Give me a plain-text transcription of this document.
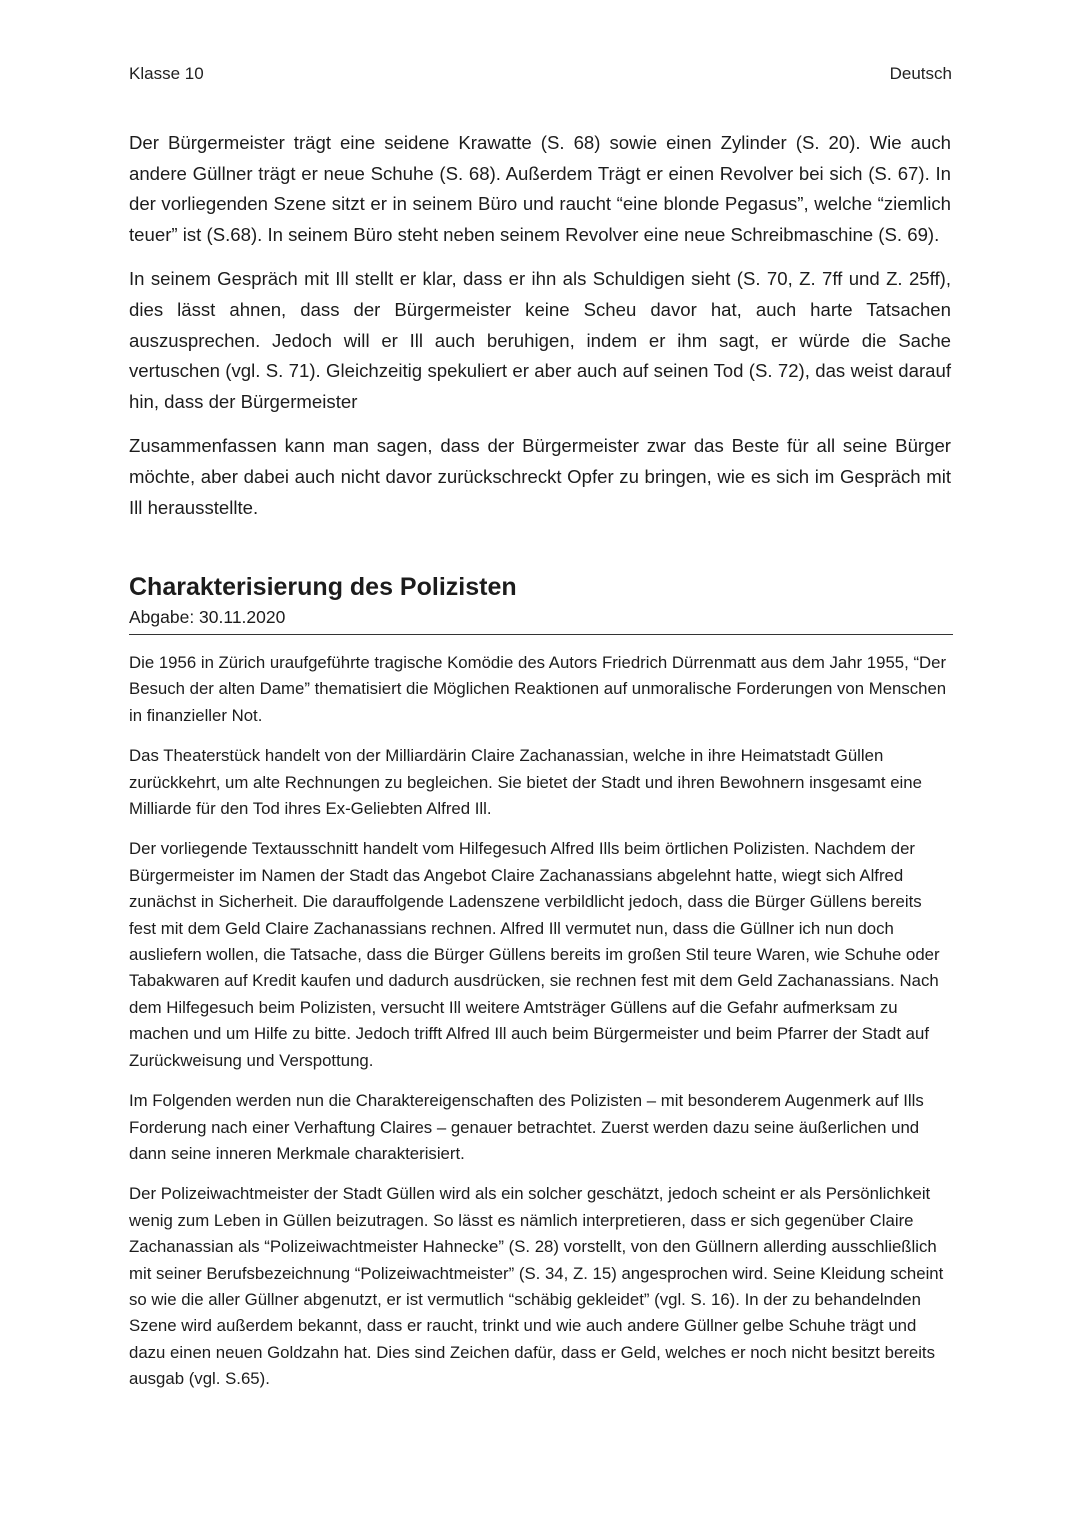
Klasse 10	Deutsch

Der Bürgermeister trägt eine seidene Krawatte (S. 68) sowie einen Zylinder (S. 20). Wie auch andere Güllner trägt er neue Schuhe (S. 68). Außerdem Trägt er einen Revolver bei sich (S. 67). In der vorliegenden Szene sitzt er in seinem Büro und raucht “eine blonde Pegasus”, welche “ziemlich teuer” ist (S.68). In seinem Büro steht neben seinem Revolver eine neue Schreibmaschine (S. 69).

In seinem Gespräch mit Ill stellt er klar, dass er ihn als Schuldigen sieht (S. 70, Z. 7ff und Z. 25ff), dies lässt ahnen, dass der Bürgermeister keine Scheu davor hat, auch harte Tatsachen auszusprechen. Jedoch will er Ill auch beruhigen, indem er ihm sagt, er würde die Sache vertuschen (vgl. S. 71). Gleichzeitig spekuliert er aber auch auf seinen Tod (S. 72), das weist darauf hin, dass der Bürgermeister

Zusammenfassen kann man sagen, dass der Bürgermeister zwar das Beste für all seine Bürger möchte, aber dabei auch nicht davor zurückschreckt Opfer zu bringen, wie es sich im Gespräch mit Ill herausstellte.

Charakterisierung des Polizisten
Abgabe: 30.11.2020

Die 1956 in Zürich uraufgeführte tragische Komödie des Autors Friedrich Dürrenmatt aus dem Jahr 1955, “Der Besuch der alten Dame” thematisiert die Möglichen Reaktionen auf unmoralische Forderungen von Menschen in finanzieller Not.

Das Theaterstück handelt von der Milliardärin Claire Zachanassian, welche in ihre Heimatstadt Güllen zurückkehrt, um alte Rechnungen zu begleichen. Sie bietet der Stadt und ihren Bewohnern insgesamt eine Milliarde für den Tod ihres Ex-Geliebten Alfred Ill.

Der vorliegende Textausschnitt handelt vom Hilfegesuch Alfred Ills beim örtlichen Polizisten. Nachdem der Bürgermeister im Namen der Stadt das Angebot Claire Zachanassians abgelehnt hatte, wiegt sich Alfred zunächst in Sicherheit. Die darauffolgende Ladenszene verbildlicht jedoch, dass die Bürger Güllens bereits fest mit dem Geld Claire Zachanassians rechnen. Alfred Ill vermutet nun, dass die Güllner ich nun doch ausliefern wollen, die Tatsache, dass die Bürger Güllens bereits im großen Stil teure Waren, wie Schuhe oder Tabakwaren auf Kredit kaufen und dadurch ausdrücken, sie rechnen fest mit dem Geld Zachanassians. Nach dem Hilfegesuch beim Polizisten, versucht Ill weitere Amtsträger Güllens auf die Gefahr aufmerksam zu machen und um Hilfe zu bitte. Jedoch trifft Alfred Ill auch beim Bürgermeister und beim Pfarrer der Stadt auf Zurückweisung und Verspottung.

Im Folgenden werden nun die Charaktereigenschaften des Polizisten – mit besonderem Augenmerk auf Ills Forderung nach einer Verhaftung Claires – genauer betrachtet. Zuerst werden dazu seine äußerlichen und dann seine inneren Merkmale charakterisiert.

Der Polizeiwachtmeister der Stadt Güllen wird als ein solcher geschätzt, jedoch scheint er als Persönlichkeit wenig zum Leben in Güllen beizutragen. So lässt es nämlich interpretieren, dass er sich gegenüber Claire Zachanassian als “Polizeiwachtmeister Hahnecke” (S. 28) vorstellt, von den Güllnern allerding ausschließlich mit seiner Berufsbezeichnung “Polizeiwachtmeister” (S. 34, Z. 15) angesprochen wird. Seine Kleidung scheint so wie die aller Güllner abgenutzt, er ist vermutlich “schäbig gekleidet” (vgl. S. 16). In der zu behandelnden Szene wird außerdem bekannt, dass er raucht, trinkt und wie auch andere Güllner gelbe Schuhe trägt und dazu einen neuen Goldzahn hat. Dies sind Zeichen dafür, dass er Geld, welches er noch nicht besitzt bereits ausgab (vgl. S.65).
